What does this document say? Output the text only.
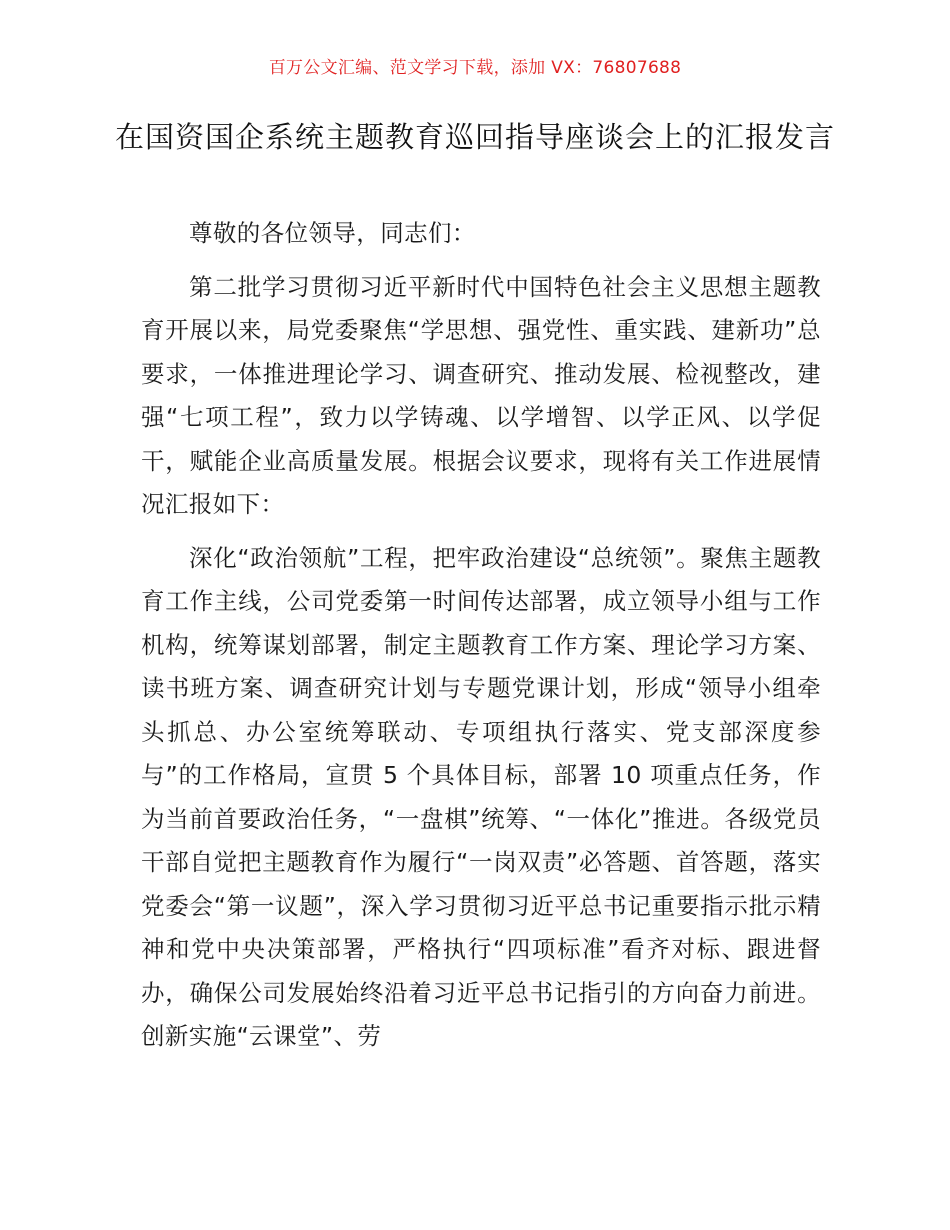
百万公文汇编、范文学习下载，添加 VX：76807688
在国资国企系统主题教育巡回指导座谈会上的汇报发言

尊敬的各位领导，同志们：

第二批学习贯彻习近平新时代中国特色社会主义思想主题教育开展以来，局党委聚焦“学思想、强党性、重实践、建新功”总要求，一体推进理论学习、调查研究、推动发展、检视整改，建强“七项工程”，致力以学铸魂、以学增智、以学正风、以学促干，赋能企业高质量发展。根据会议要求，现将有关工作进展情况汇报如下：

深化“政治领航”工程，把牢政治建设“总统领”。聚焦主题教育工作主线，公司党委第一时间传达部署，成立领导小组与工作机构，统筹谋划部署，制定主题教育工作方案、理论学习方案、读书班方案、调查研究计划与专题党课计划，形成“领导小组牵头抓总、办公室统筹联动、专项组执行落实、党支部深度参与”的工作格局，宣贯 5 个具体目标，部署 10 项重点任务，作为当前首要政治任务，“一盘棋”统筹、“一体化”推进。各级党员干部自觉把主题教育作为履行“一岗双责”必答题、首答题，落实党委会“第一议题”，深入学习贯彻习近平总书记重要指示批示精神和党中央决策部署，严格执行“四项标准”看齐对标、跟进督办，确保公司发展始终沿着习近平总书记指引的方向奋力前进。创新实施“云课堂”、劳
